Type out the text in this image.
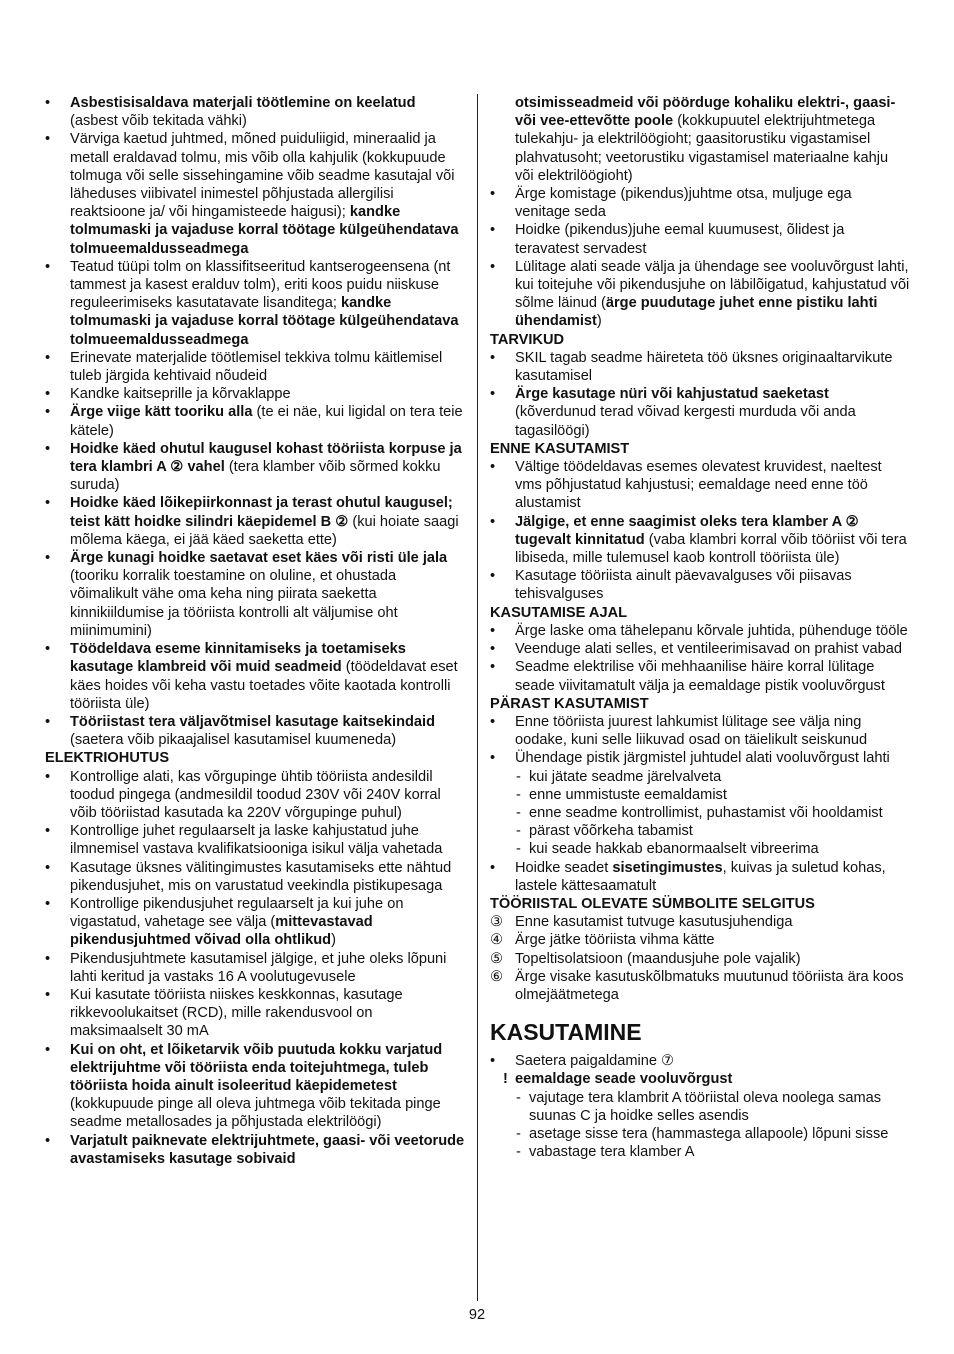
• Asbestisisaldava materjali töötlemine on keelatud (asbest võib tekitada vähki)
• Värviga kaetud juhtmed, mõned puiduliigid, mineraalid ja metall eraldavad tolmu, mis võib olla kahjulik (kokkupuude tolmuga või selle sissehingamine võib seadme kasutajal või läheduses viibivatel inimestel põhjustada allergilisi reaktsioone ja/ või hingamisteede haigusi); kandke tolmumaski ja vajaduse korral töötage külgeühendatava tolmueemaldusseadmega
• Teatud tüüpi tolm on klassifitseeritud kantserogeensena (nt tammest ja kasest eralduv tolm), eriti koos puidu niiskuse reguleerimiseks kasutatavate lisanditega; kandke tolmumaski ja vajaduse korral töötage külgeühendatava tolmueemaldusseadmega
• Erinevate materjalide töötlemisel tekkiva tolmu käitlemisel tuleb järgida kehtivaid nõudeid
• Kandke kaitseprille ja kõrvaklappe
• Ärge viige kätt tooriku alla (te ei näe, kui ligidal on tera teie kätele)
• Hoidke käed ohutul kaugusel kohast tööriista korpuse ja tera klambri A ② vahel (tera klamber võib sõrmed kokku suruda)
• Hoidke käed lõikepiirkonnast ja terast ohutul kaugusel; teist kätt hoidke silindri käepidemel B ② (kui hoiate saagi mõlema käega, ei jää käed saeketta ette)
• Ärge kunagi hoidke saetavat eset käes või risti üle jala (tooriku korralik toestamine on oluline, et ohustada võimalikult vähe oma keha ning piirata saeketta kinnikiildumise ja tööriista kontrolli alt väljumise oht miinimumini)
• Töödeldava eseme kinnitamiseks ja toetamiseks kasutage klambreid või muid seadmeid (töödeldavat eset käes hoides või keha vastu toetades võite kaotada kontrolli tööriista üle)
• Tööriistast tera väljavõtmisel kasutage kaitsekindaid (saetera võib pikaajalisel kasutamisel kuumeneda)
ELEKTRIOHUTUS
• Kontrollige alati, kas võrgupinge ühtib tööriista andesildil toodud pingega (andmesildil toodud 230V või 240V korral võib tööriistad kasutada ka 220V võrgupinge puhul)
• Kontrollige juhet regulaarselt ja laske kahjustatud juhe ilmnemisel vastava kvalifikatsiooniga isikul välja vahetada
• Kasutage üksnes välitingimustes kasutamiseks ette nähtud pikendusjuhet, mis on varustatud veekindla pistikupesaga
• Kontrollige pikendusjuhet regulaarselt ja kui juhe on vigastatud, vahetage see välja (mittevastavad pikendusjuhtmed võivad olla ohtlikud)
• Pikendusjuhtmete kasutamisel jälgige, et juhe oleks lõpuni lahti keritud ja vastaks 16 A voolutugevusele
• Kui kasutate tööriista niiskes keskkonnas, kasutage rikkevoolukaitset (RCD), mille rakendusvool on maksimaalselt 30 mA
• Kui on oht, et lõiketarvik võib puutuda kokku varjatud elektrijuhtme või tööriista enda toitejuhtmega, tuleb tööriista hoida ainult isoleeritud käepidemetest (kokkupuude pinge all oleva juhtmega võib tekitada pinge seadme metallosades ja põhjustada elektrilöögi)
• Varjatult paiknevate elektrijuhtmete, gaasi- või veetorude avastamiseks kasutage sobivaid
otsimisseadmeid või pöörduge kohaliku elektri-, gaasi- või vee-ettevõtte poole (kokkupuutel elektrijuhtmetega tulekahju- ja elektrilöögioht; gaasitorustiku vigastamisel plahvatusoht; veetorustiku vigastamisel materiaalne kahju või elektrilöögioht)
• Ärge komistage (pikendus)juhtme otsa, muljuge ega venitage seda
• Hoidke (pikendus)juhe eemal kuumusest, õlidest ja teravatest servadest
• Lülitage alati seade välja ja ühendage see vooluvõrgust lahti, kui toitejuhe või pikendusjuhe on läbilõigatud, kahjustatud või sõlme läinud (ärge puudutage juhet enne pistiku lahti ühendamist)
TARVIKUD
• SKIL tagab seadme häireteta töö üksnes originaaltarvikute kasutamisel
• Ärge kasutage nüri või kahjustatud saeketast (kõverdunud terad võivad kergesti murduda või anda tagasilöögi)
ENNE KASUTAMIST
• Vältige töödeldavas esemes olevatest kruvidest, naeltest vms põhjustatud kahjustusi; eemaldage need enne töö alustamist
• Jälgige, et enne saagimist oleks tera klamber A ② tugevalt kinnitatud (vaba klambri korral võib tööriist või tera libiseda, mille tulemusel kaob kontroll tööriista üle)
• Kasutage tööriista ainult päevavalguses või piisavas tehisvalguses
KASUTAMISE AJAL
• Ärge laske oma tähelepanu kõrvale juhtida, pühenduge tööle
• Veenduge alati selles, et ventileerimisavad on prahist vabad
• Seadme elektrilise või mehhaanilise häire korral lülitage seade viivitamatult välja ja eemaldage pistik vooluvõrgust
PÄRAST KASUTAMIST
• Enne tööriista juurest lahkumist lülitage see välja ning oodake, kuni selle liikuvad osad on täielikult seiskunud
• Ühendage pistik järgmistel juhtudel alati vooluvõrgust lahti
- kui jätate seadme järelvalveta
- enne ummistuste eemaldamist
- enne seadme kontrollimist, puhastamist või hooldamist
- pärast võõrkeha tabamist
- kui seade hakkab ebanormaalselt vibreerima
• Hoidke seadet sisetingimustes, kuivas ja suletud kohas, lastele kättesaamatult
TÖÖRIISTAL OLEVATE SÜMBOLITE SELGITUS
③ Enne kasutamist tutvuge kasutusjuhendiga
④ Ärge jätke tööriista vihma kätte
⑤ Topeltisolatsioon (maandusjuhe pole vajalik)
⑥ Ärge visake kasutuskõlbmatuks muutunud tööriista ära koos olmejäätmetega
KASUTAMINE
• Saetera paigaldamine ⑦
! eemaldage seade vooluvõrgust
- vajutage tera klambrit A tööriistal oleva noolega samas suunas C ja hoidke selles asendis
- asetage sisse tera (hammastega allapoole) lõpuni sisse
- vabastage tera klamber A
92
